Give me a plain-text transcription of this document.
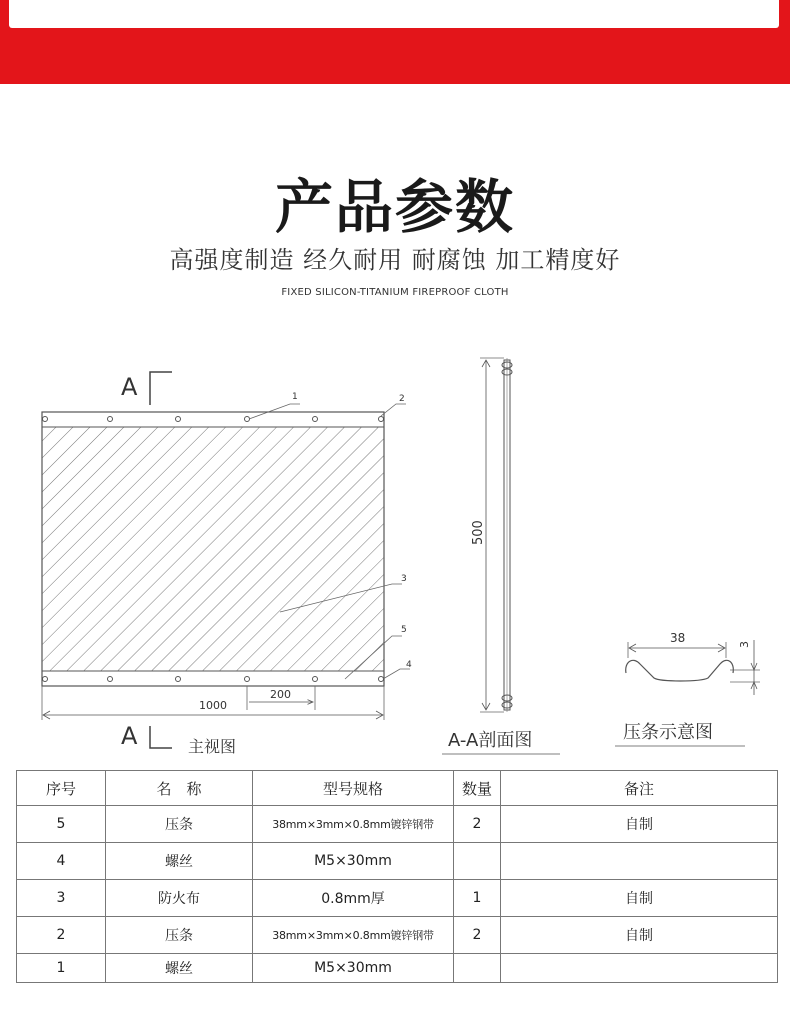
产品参数
高强度制造 经久耐用 耐腐蚀 加工精度好
FIXED SILICON-TITANIUM FIREPROOF CLOTH
A	1	2
3
5
4
200
1000
A	主视图
500
A-A剖面图
38	3
压条示意图
序号	名　称	型号规格	数量	备注
5	压条	38mm×3mm×0.8mm镀锌钢带	2	自制
4	螺丝	M5×30mm		
3	防火布	0.8mm厚	1	自制
2	压条	38mm×3mm×0.8mm镀锌钢带	2	自制
1	螺丝	M5×30mm		
